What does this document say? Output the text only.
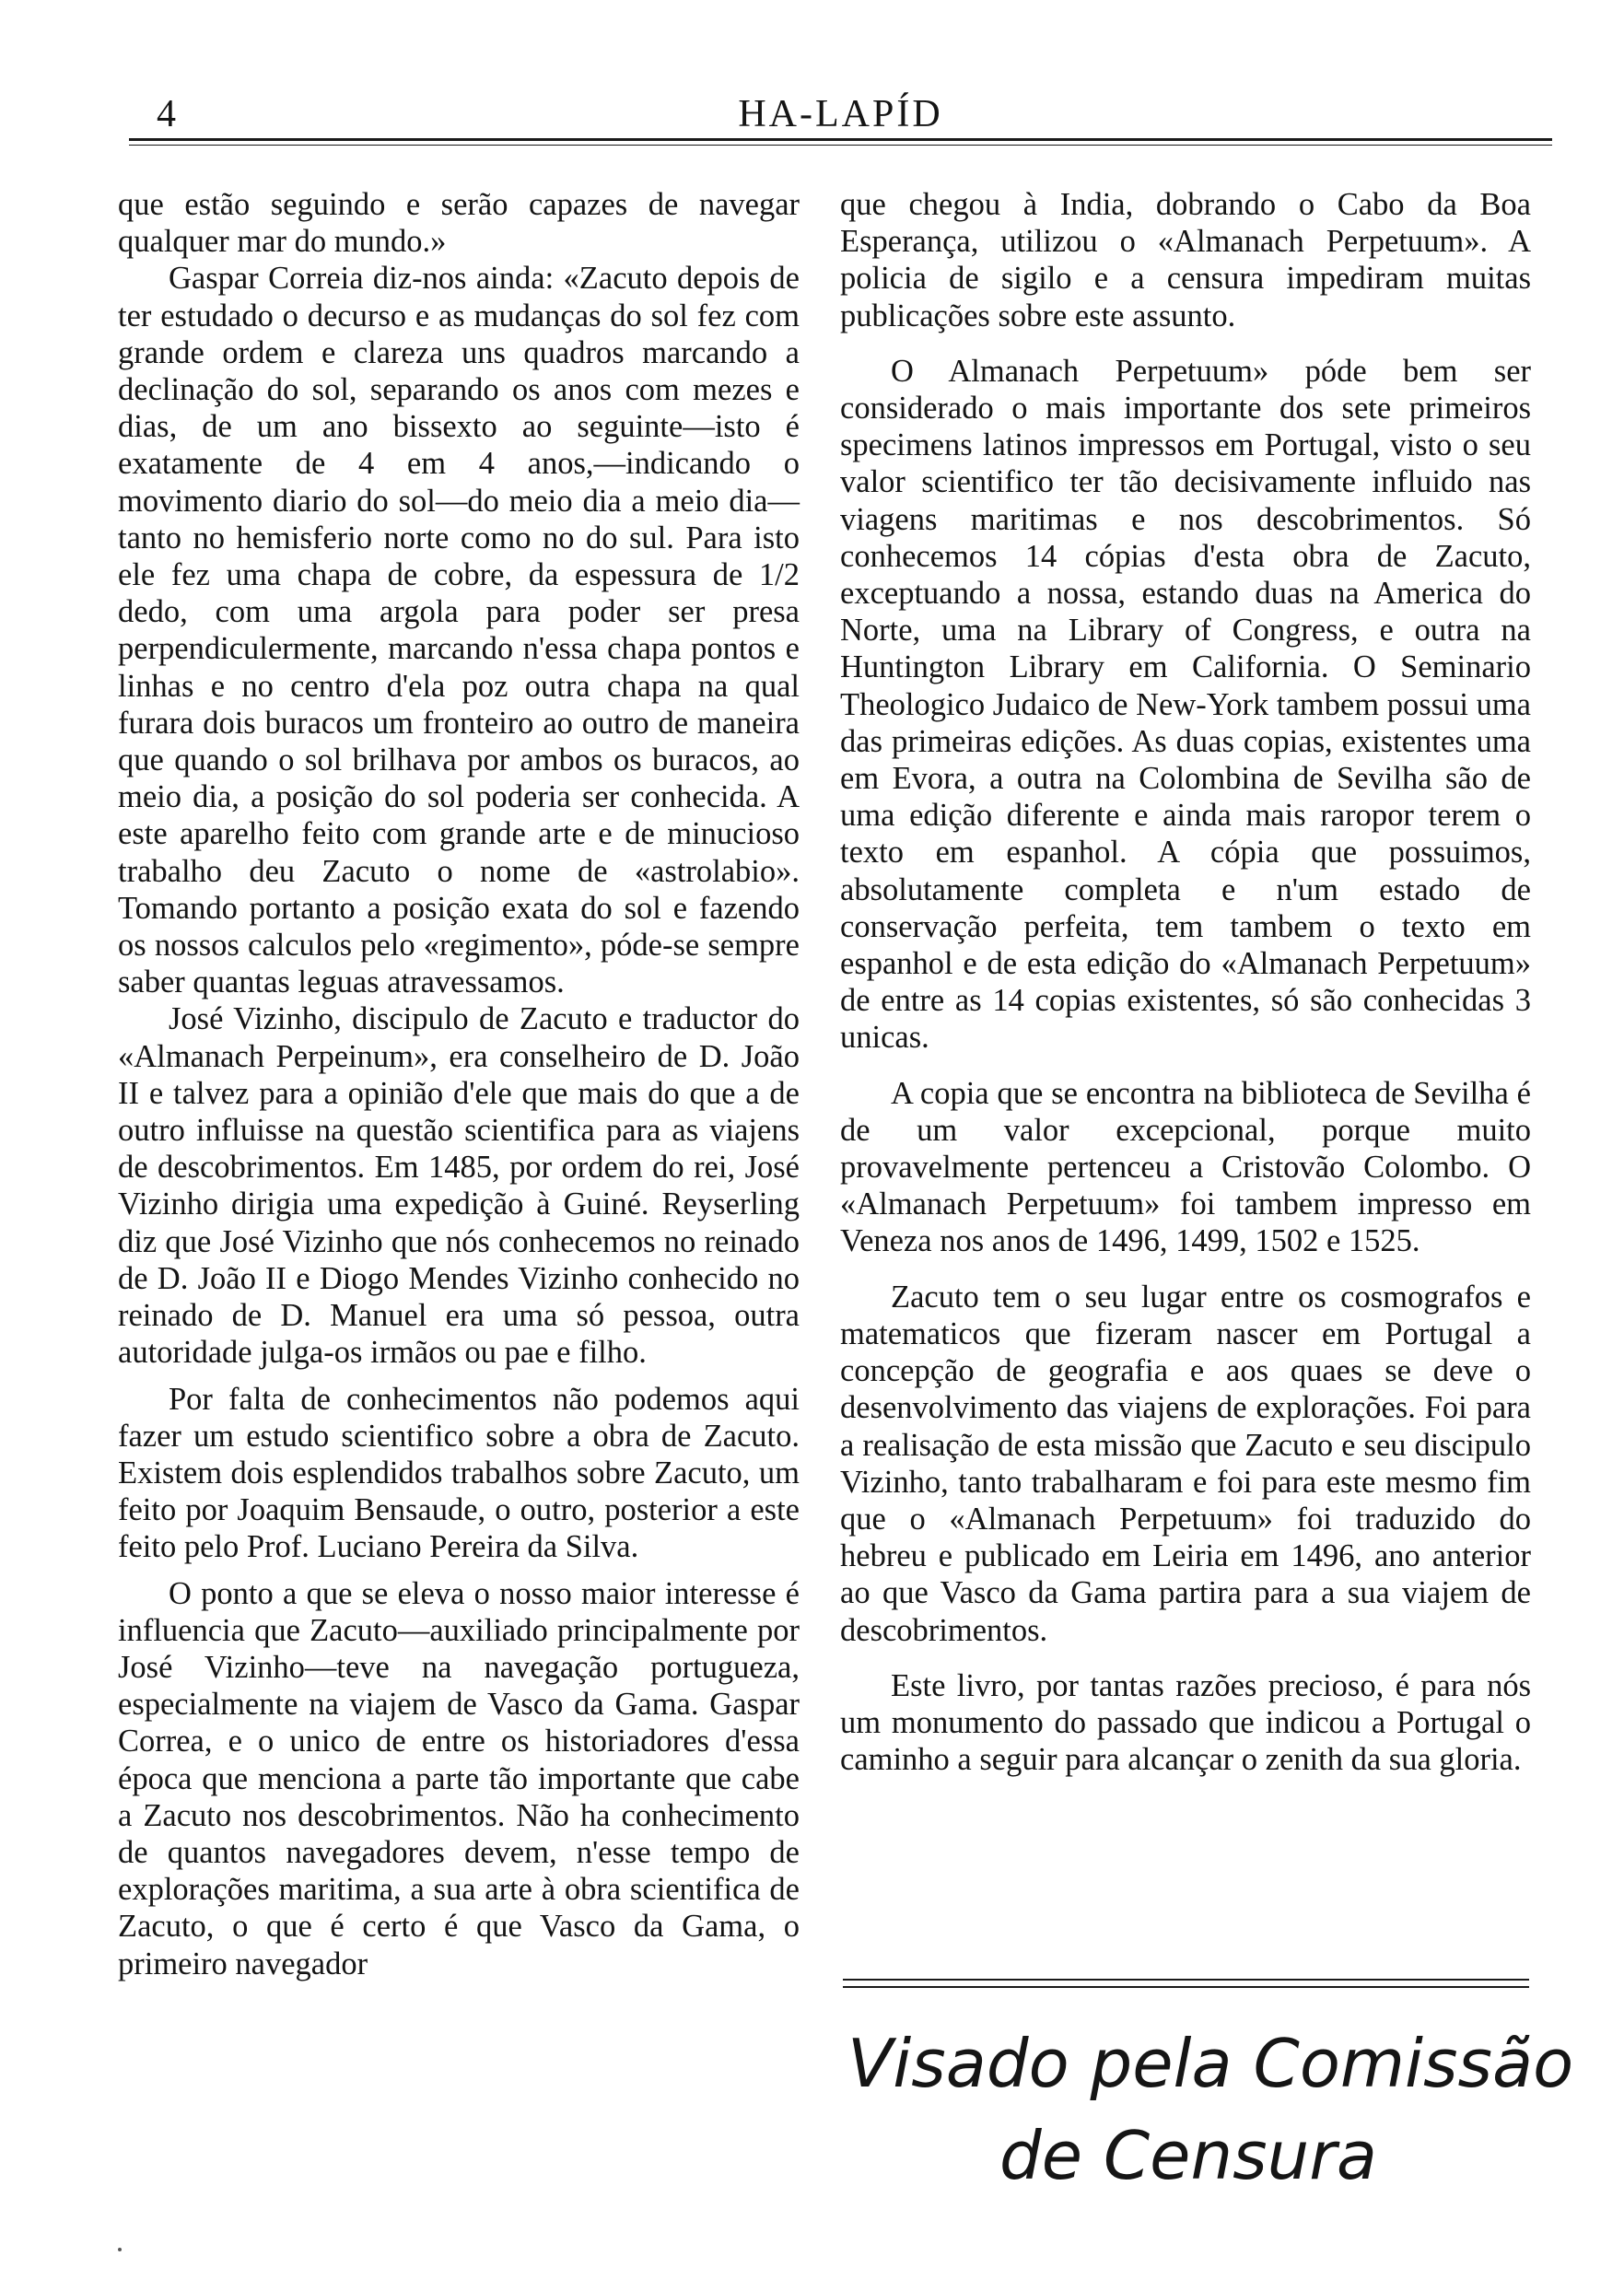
4	HA-LAPÍD

que estão seguindo e serão capazes de navegar qualquer mar do mundo.»

Gaspar Correia diz-nos ainda: «Zacuto depois de ter estudado o decurso e as mudanças do sol fez com grande ordem e clareza uns quadros marcando a declinação do sol, separando os anos com mezes e dias, de um ano bissexto ao seguinte—isto é exatamente de 4 em 4 anos,—indicando o movimento diario do sol—do meio dia a meio dia—tanto no hemisferio norte como no do sul. Para isto ele fez uma chapa de cobre, da espessura de 1/2 dedo, com uma argola para poder ser presa perpendiculermente, marcando n'essa chapa pontos e linhas e no centro d'ela poz outra chapa na qual furara dois buracos um fronteiro ao outro de maneira que quando o sol brilhava por ambos os buracos, ao meio dia, a posição do sol poderia ser conhecida. A este aparelho feito com grande arte e de minucioso trabalho deu Zacuto o nome de «astrolabio». Tomando portanto a posição exata do sol e fazendo os nossos calculos pelo «regimento», póde-se sempre saber quantas leguas atravessamos.

José Vizinho, discipulo de Zacuto e traductor do «Almanach Perpeinum», era conselheiro de D. João II e talvez para a opinião d'ele que mais do que a de outro influisse na questão scientifica para as viajens de descobrimentos. Em 1485, por ordem do rei, José Vizinho dirigia uma expedição à Guiné. Reyserling diz que José Vizinho que nós conhecemos no reinado de D. João II e Diogo Mendes Vizinho conhecido no reinado de D. Manuel era uma só pessoa, outra autoridade julga-os irmãos ou pae e filho.

Por falta de conhecimentos não podemos aqui fazer um estudo scientifico sobre a obra de Zacuto. Existem dois esplendidos trabalhos sobre Zacuto, um feito por Joaquim Bensaude, o outro, posterior a este feito pelo Prof. Luciano Pereira da Silva.

O ponto a que se eleva o nosso maior interesse é influencia que Zacuto—auxiliado principalmente por José Vizinho—teve na navegação portugueza, especialmente na viajem de Vasco da Gama. Gaspar Correa, e o unico de entre os historiadores d'essa época que menciona a parte tão importante que cabe a Zacuto nos descobrimentos. Não ha conhecimento de quantos navegadores devem, n'esse tempo de explorações maritima, a sua arte à obra scientifica de Zacuto, o que é certo é que Vasco da Gama, o primeiro navegador

que chegou à India, dobrando o Cabo da Boa Esperança, utilizou o «Almanach Perpetuum». A policia de sigilo e a censura impediram muitas publicações sobre este assunto.

O Almanach Perpetuum» póde bem ser considerado o mais importante dos sete primeiros specimens latinos impressos em Portugal, visto o seu valor scientifico ter tão decisivamente influido nas viagens maritimas e nos descobrimentos. Só conhecemos 14 cópias d'esta obra de Zacuto, exceptuando a nossa, estando duas na America do Norte, uma na Library of Congress, e outra na Huntington Library em California. O Seminario Theologico Judaico de New-York tambem possui uma das primeiras edições. As duas copias, existentes uma em Evora, a outra na Colombina de Sevilha são de uma edição diferente e ainda mais raropor terem o texto em espanhol. A cópia que possuimos, absolutamente completa e n'um estado de conservação perfeita, tem tambem o texto em espanhol e de esta edição do «Almanach Perpetuum» de entre as 14 copias existentes, só são conhecidas 3 unicas.

A copia que se encontra na biblioteca de Sevilha é de um valor excepcional, porque muito provavelmente pertenceu a Cristovão Colombo. O «Almanach Perpetuum» foi tambem impresso em Veneza nos anos de 1496, 1499, 1502 e 1525.

Zacuto tem o seu lugar entre os cosmografos e matematicos que fizeram nascer em Portugal a concepção de geografia e aos quaes se deve o desenvolvimento das viajens de explorações. Foi para a realisação de esta missão que Zacuto e seu discipulo Vizinho, tanto trabalharam e foi para este mesmo fim que o «Almanach Perpetuum» foi traduzido do hebreu e publicado em Leiria em 1496, ano anterior ao que Vasco da Gama partira para a sua viajem de descobrimentos.

Este livro, por tantas razões precioso, é para nós um monumento do passado que indicou a Portugal o caminho a seguir para alcançar o zenith da sua gloria.

Visado pela Comissão
de Censura
